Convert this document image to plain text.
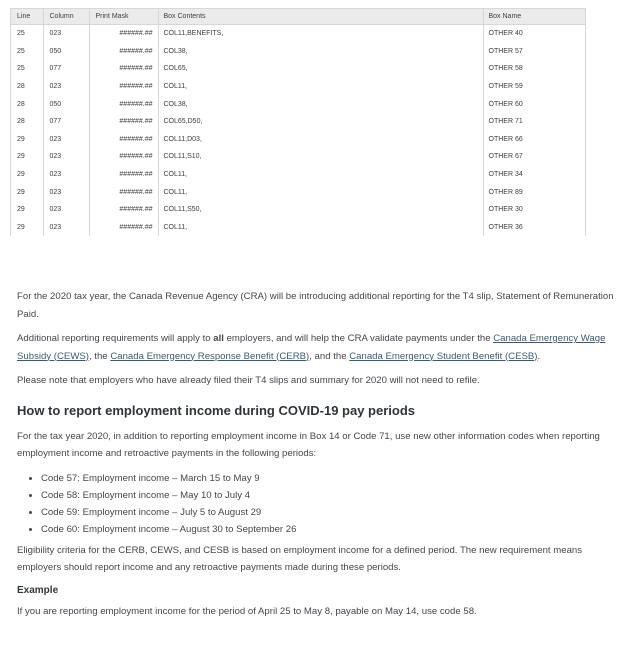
Line	Column	Print Mask	Box Contents	Box Name
25	023	######.##	COL11,BENEFITS,	OTHER 40
25	050	######.##	COL38,	OTHER 57
25	077	######.##	COL65,	OTHER 58
28	023	######.##	COL11,	OTHER 59
28	050	######.##	COL38,	OTHER 60
28	077	######.##	COL65,D50,	OTHER 71
29	023	######.##	COL11,D03,	OTHER 66
29	023	######.##	COL11,S10,	OTHER 67
29	023	######.##	COL11,	OTHER 34
29	023	######.##	COL11,	OTHER 89
29	023	######.##	COL11,S50,	OTHER 30
29	023	######.##	COL11,	OTHER 36

For the 2020 tax year, the Canada Revenue Agency (CRA) will be introducing additional reporting for the T4 slip, Statement of Remuneration Paid.

Additional reporting requirements will apply to all employers, and will help the CRA validate payments under the Canada Emergency Wage Subsidy (CEWS), the Canada Emergency Response Benefit (CERB), and the Canada Emergency Student Benefit (CESB).

Please note that employers who have already filed their T4 slips and summary for 2020 will not need to refile.

How to report employment income during COVID-19 pay periods

For the tax year 2020, in addition to reporting employment income in Box 14 or Code 71, use new other information codes when reporting employment income and retroactive payments in the following periods:

• Code 57: Employment income – March 15 to May 9
• Code 58: Employment income – May 10 to July 4
• Code 59: Employment income – July 5 to August 29
• Code 60: Employment income – August 30 to September 26

Eligibility criteria for the CERB, CEWS, and CESB is based on employment income for a defined period. The new requirement means employers should report income and any retroactive payments made during these periods.

Example

If you are reporting employment income for the period of April 25 to May 8, payable on May 14, use code 58.
